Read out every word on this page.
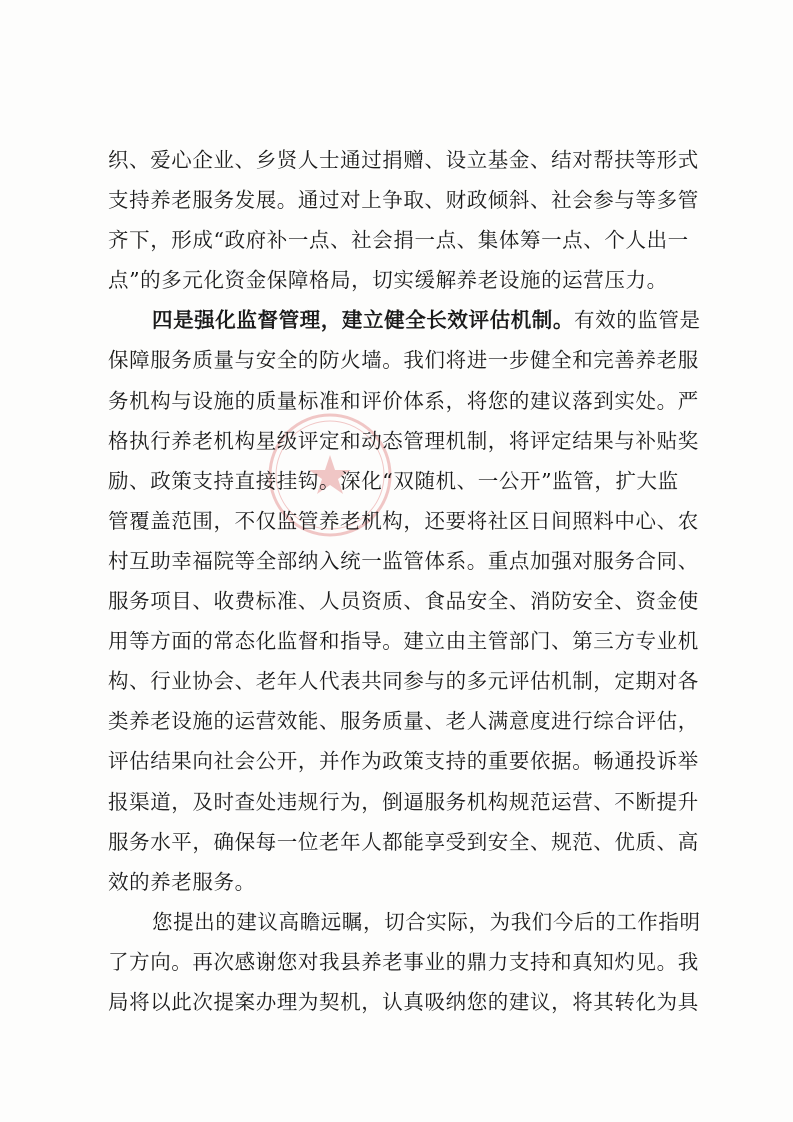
织、爱心企业、乡贤人士通过捐赠、设立基金、结对帮扶等形式
支持养老服务发展。通过对上争取、财政倾斜、社会参与等多管
齐下，形成“政府补一点、社会捐一点、集体筹一点、个人出一
点”的多元化资金保障格局，切实缓解养老设施的运营压力。
四是强化监督管理，建立健全长效评估机制。有效的监管是
保障服务质量与安全的防火墙。我们将进一步健全和完善养老服
务机构与设施的质量标准和评价体系，将您的建议落到实处。严
格执行养老机构星级评定和动态管理机制，将评定结果与补贴奖
励、政策支持直接挂钩。深化“双随机、一公开”监管，扩大监
管覆盖范围，不仅监管养老机构，还要将社区日间照料中心、农
村互助幸福院等全部纳入统一监管体系。重点加强对服务合同、
服务项目、收费标准、人员资质、食品安全、消防安全、资金使
用等方面的常态化监督和指导。建立由主管部门、第三方专业机
构、行业协会、老年人代表共同参与的多元评估机制，定期对各
类养老设施的运营效能、服务质量、老人满意度进行综合评估，
评估结果向社会公开，并作为政策支持的重要依据。畅通投诉举
报渠道，及时查处违规行为，倒逼服务机构规范运营、不断提升
服务水平，确保每一位老年人都能享受到安全、规范、优质、高
效的养老服务。
您提出的建议高瞻远瞩，切合实际，为我们今后的工作指明
了方向。再次感谢您对我县养老事业的鼎力支持和真知灼见。我
局将以此次提案办理为契机，认真吸纳您的建议，将其转化为具
